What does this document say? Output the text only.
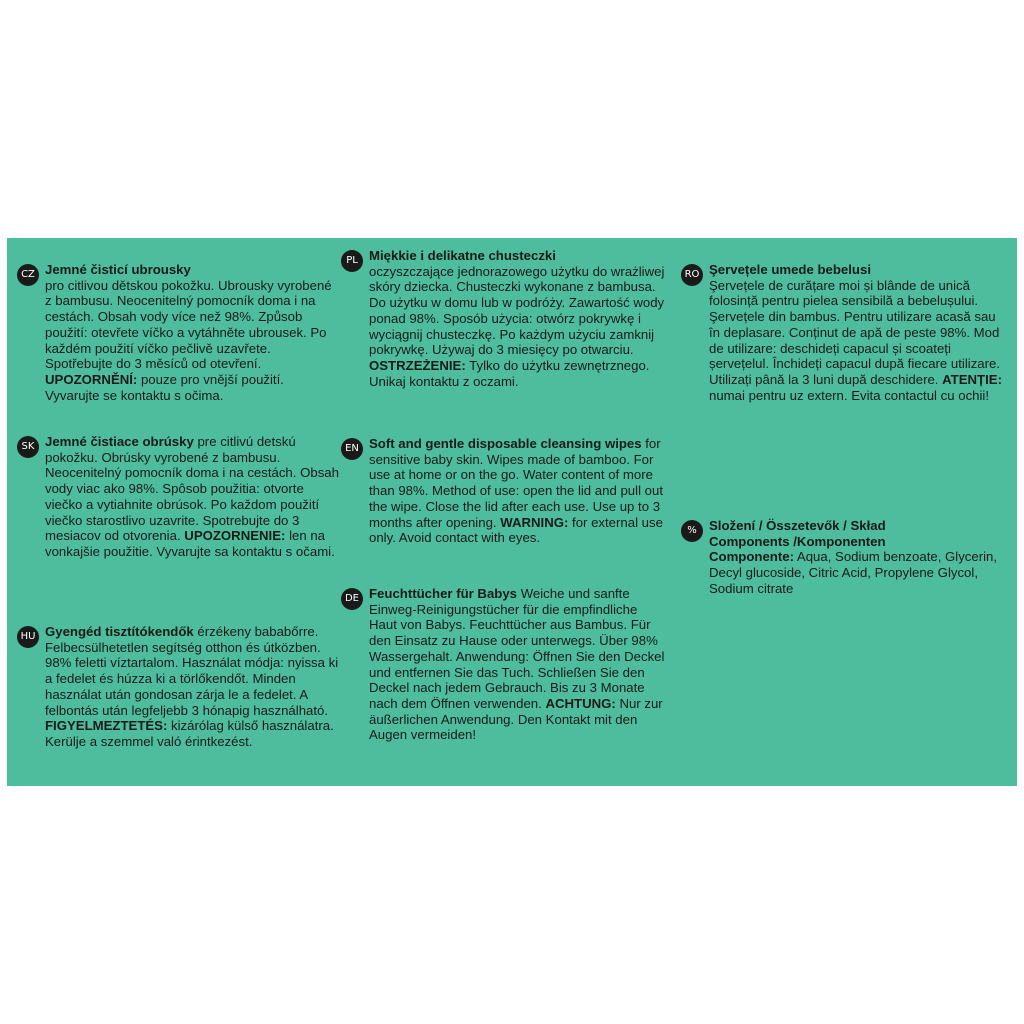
CZ Jemné čisticí ubrousky
pro citlivou dětskou pokožku. Ubrousky vyrobené z bambusu. Neocenitelný pomocník doma i na cestách. Obsah vody více než 98%. Způsob použití: otevřete víčko a vytáhněte ubrousek. Po každém použití víčko pečlivě uzavřete. Spotřebujte do 3 měsíců od otevření. UPOZORNĚNÍ: pouze pro vnější použití. Vyvarujte se kontaktu s očima.
SK Jemné čistiace obrúsky pre citlivú detskú pokožku. Obrúsky vyrobené z bambusu. Neocenitelný pomocník doma i na cestách. Obsah vody viac ako 98%. Spôsob použitia: otvorte viečko a vytiahnite obrúsok. Po každom použití viečko starostlivo uzavrite. Spotrebujte do 3 mesiacov od otvorenia. UPOZORNENIE: len na vonkajšie použitie. Vyvarujte sa kontaktu s očami.
HU Gyengéd tisztítókendők érzékeny bababőrre. Felbecsülhetetlen segítség otthon és útközben. 98% feletti víztartalom. Használat módja: nyissa ki a fedelet és húzza ki a törlőkendőt. Minden használat után gondosan zárja le a fedelet. A felbontás után legfeljebb 3 hónapig használható. FIGYELMEZTETÉS: kizárólag külső használatra. Kerülje a szemmel való érintkezést.
PL Miękkie i delikatne chusteczki
oczyszczające jednorazowego użytku do wrażliwej skóry dziecka. Chusteczki wykonane z bambusa. Do użytku w domu lub w podróży. Zawartość wody ponad 98%. Sposób użycia: otwórz pokrywkę i wyciągnij chusteczkę. Po każdym użyciu zamknij pokrywkę. Używaj do 3 miesięcy po otwarciu. OSTRZEŻENIE: Tylko do użytku zewnętrznego. Unikaj kontaktu z oczami.
EN Soft and gentle disposable cleansing wipes for sensitive baby skin. Wipes made of bamboo. For use at home or on the go. Water content of more than 98%. Method of use: open the lid and pull out the wipe. Close the lid after each use. Use up to 3 months after opening. WARNING: for external use only. Avoid contact with eyes.
DE Feuchttücher für Babys Weiche und sanfte Einweg-Reinigungstücher für die empfindliche Haut von Babys. Feuchttücher aus Bambus. Für den Einsatz zu Hause oder unterwegs. Über 98% Wassergehalt. Anwendung: Öffnen Sie den Deckel und entfernen Sie das Tuch. Schließen Sie den Deckel nach jedem Gebrauch. Bis zu 3 Monate nach dem Öffnen verwenden. ACHTUNG: Nur zur äußerlichen Anwendung. Den Kontakt mit den Augen vermeiden!
RO Şervețele umede bebelusi
Şervețele de curățare moi și blânde de unică folosință pentru pielea sensibilă a bebelușului. Şervețele din bambus. Pentru utilizare acasă sau în deplasare. Conținut de apă de peste 98%. Mod de utilizare: deschideți capacul și scoateți șervețelul. Închideți capacul după fiecare utilizare. Utilizați până la 3 luni după deschidere. ATENȚIE: numai pentru uz extern. Evita contactul cu ochii!
% Složení / Összetevők / Skład
Components /Komponenten
Componente: Aqua, Sodium benzoate, Glycerin, Decyl glucoside, Citric Acid, Propylene Glycol, Sodium citrate
